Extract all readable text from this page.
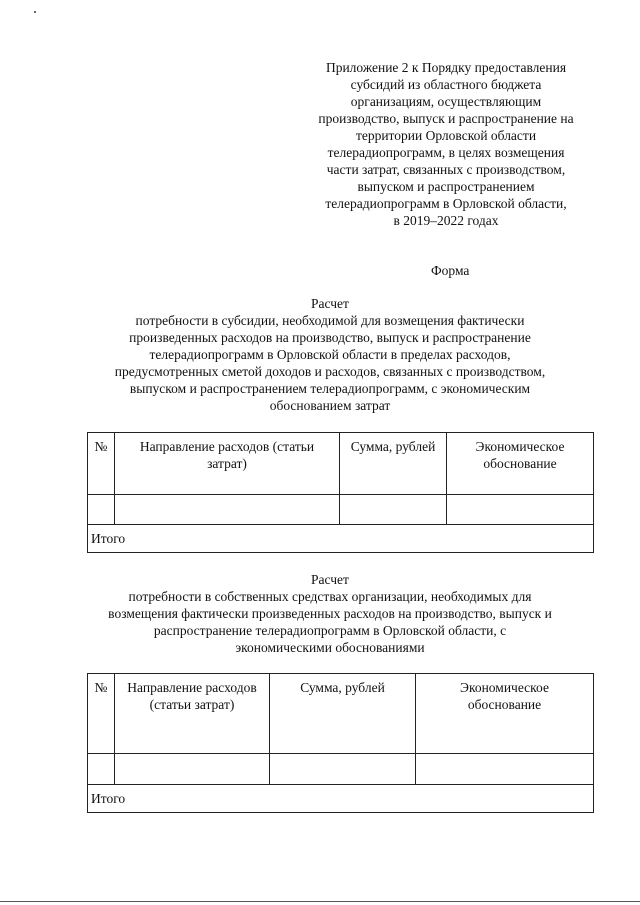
Приложение 2 к Порядку предоставления
субсидий из областного бюджета
организациям, осуществляющим
производство, выпуск и распространение на
территории Орловской области
телерадиопрограмм, в целях возмещения
части затрат, связанных с производством,
выпуском и распространением
телерадиопрограмм в Орловской области,
в 2019–2022 годах
Форма
Расчет
потребности в субсидии, необходимой для возмещения фактически
произведенных расходов на производство, выпуск и распространение
телерадиопрограмм в Орловской области в пределах расходов,
предусмотренных сметой доходов и расходов, связанных с производством,
выпуском и распространением телерадиопрограмм, с экономическим
обоснованием затрат
№	Направление расходов (статьи затрат)	Сумма, рублей	Экономическое обоснование

Итого			
Расчет
потребности в собственных средствах организации, необходимых для
возмещения фактически произведенных расходов на производство, выпуск и
распространение телерадиопрограмм в Орловской области, с
экономическими обоснованиями
№	Направление расходов (статьи затрат)	Сумма, рублей	Экономическое обоснование

Итого			
